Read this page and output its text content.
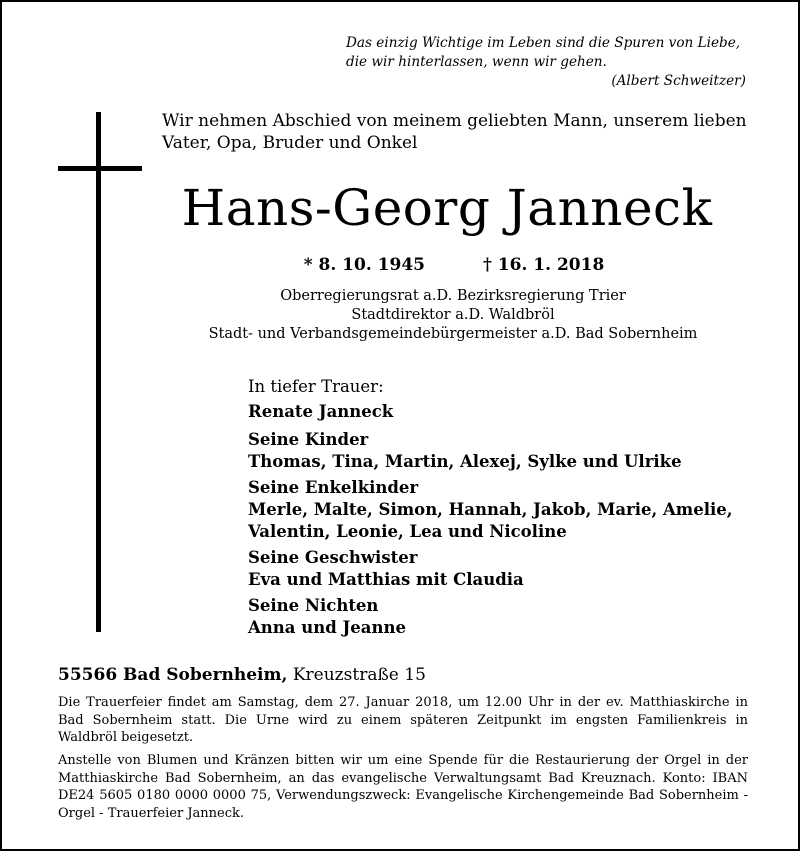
Das einzig Wichtige im Leben sind die Spuren von Liebe,
die wir hinterlassen, wenn wir gehen.
(Albert Schweitzer)
Wir nehmen Abschied von meinem geliebten Mann, unserem lieben
Vater, Opa, Bruder und Onkel
Hans-Georg Janneck
* 8. 10. 1945	† 16. 1. 2018
Oberregierungsrat a.D. Bezirksregierung Trier
Stadtdirektor a.D. Waldbröl
Stadt- und Verbandsgemeindebürgermeister a.D. Bad Sobernheim
In tiefer Trauer:
Renate Janneck
Seine Kinder
Thomas, Tina, Martin, Alexej, Sylke und Ulrike
Seine Enkelkinder
Merle, Malte, Simon, Hannah, Jakob, Marie, Amelie,
Valentin, Leonie, Lea und Nicoline
Seine Geschwister
Eva und Matthias mit Claudia
Seine Nichten
Anna und Jeanne
55566 Bad Sobernheim, Kreuzstraße 15
Die Trauerfeier findet am Samstag, dem 27. Januar 2018, um 12.00 Uhr in der ev. Matthiaskirche in Bad Sobernheim statt. Die Urne wird zu einem späteren Zeitpunkt im engsten Familienkreis in Waldbröl beigesetzt.
Anstelle von Blumen und Kränzen bitten wir um eine Spende für die Restaurierung der Orgel in der Matthiaskirche Bad Sobernheim, an das evangelische Verwaltungsamt Bad Kreuznach. Konto: IBAN DE24 5605 0180 0000 0000 75, Verwendungszweck: Evangelische Kirchengemeinde Bad Sobernheim - Orgel - Trauerfeier Janneck.
